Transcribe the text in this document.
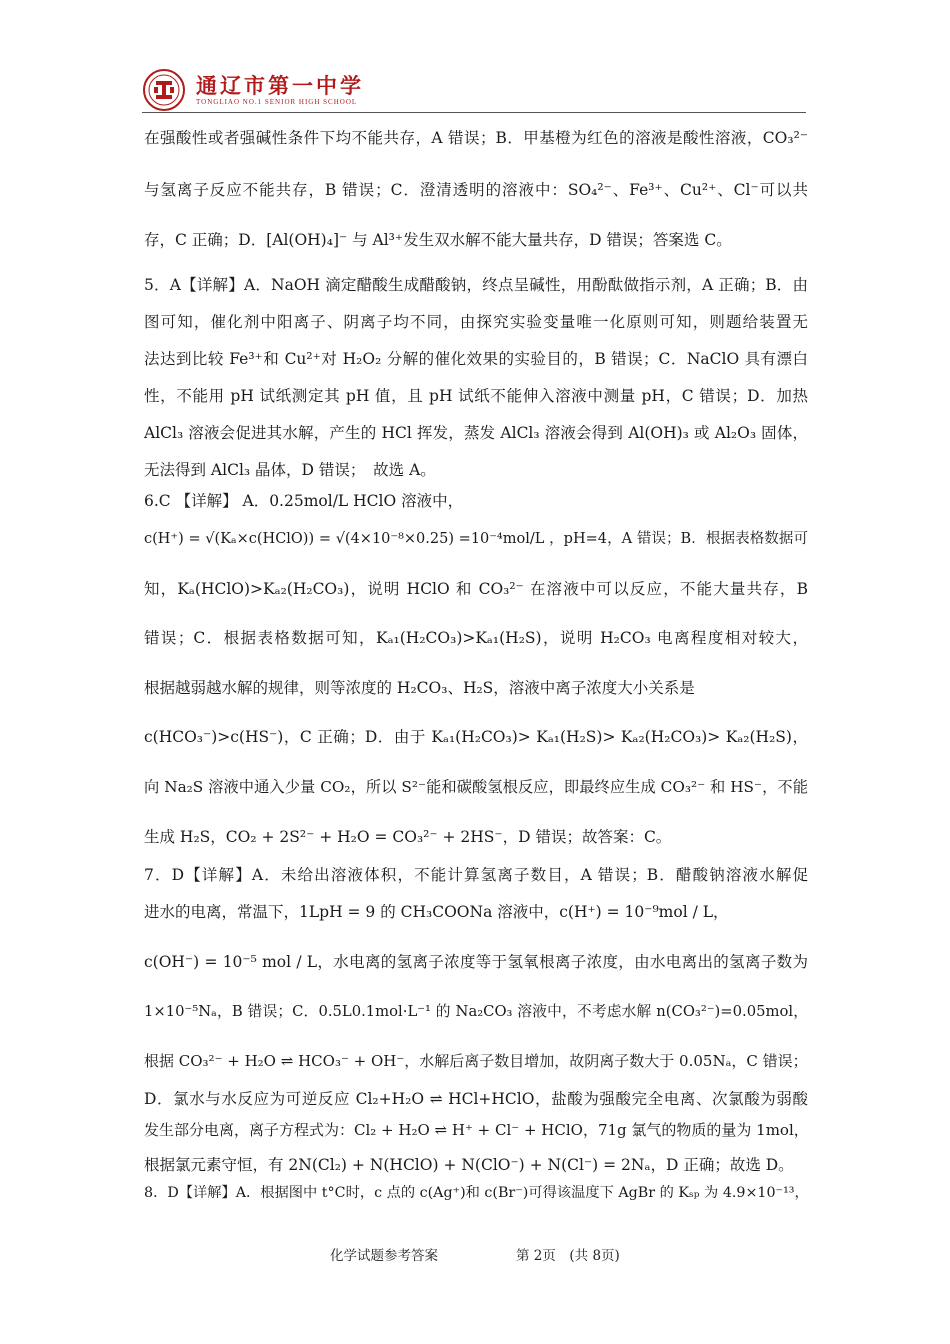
通辽市第一中学
TONGLIAO NO.1 SENIOR HIGH SCHOOL
在强酸性或者强碱性条件下均不能共存，A 错误；B．甲基橙为红色的溶液是酸性溶液，CO₃²⁻
与氢离子反应不能共存，B 错误；C．澄清透明的溶液中：SO₄²⁻、Fe³⁺、Cu²⁺、Cl⁻可以共
存，C 正确；D．[Al(OH)₄]⁻ 与 Al³⁺发生双水解不能大量共存，D 错误；答案选 C。
5．A【详解】A．NaOH 滴定醋酸生成醋酸钠，终点呈碱性，用酚酞做指示剂，A 正确；B．由
图可知，催化剂中阳离子、阴离子均不同，由探究实验变量唯一化原则可知，则题给装置无
法达到比较 Fe³⁺和 Cu²⁺对 H₂O₂ 分解的催化效果的实验目的，B 错误；C．NaClO 具有漂白
性，不能用 pH 试纸测定其 pH 值，且 pH 试纸不能伸入溶液中测量 pH，C 错误；D．加热
AlCl₃ 溶液会促进其水解，产生的 HCl 挥发，蒸发 AlCl₃ 溶液会得到 Al(OH)₃ 或 Al₂O₃ 固体，
无法得到 AlCl₃ 晶体，D 错误；　故选 A。
6.C 【详解】 A．0.25mol/L HClO 溶液中，
c(H⁺) = √(Kₐ×c(HClO)) = √(4×10⁻⁸×0.25) =10⁻⁴mol/L ，pH=4，A 错误；B．根据表格数据可
知，Kₐ(HClO)>Kₐ₂(H₂CO₃)，说明 HClO 和 CO₃²⁻ 在溶液中可以反应，不能大量共存，B
错误；C．根据表格数据可知，Kₐ₁(H₂CO₃)>Kₐ₁(H₂S)，说明 H₂CO₃ 电离程度相对较大，
根据越弱越水解的规律，则等浓度的 H₂CO₃、H₂S，溶液中离子浓度大小关系是
c(HCO₃⁻)>c(HS⁻)，C 正确；D．由于 Kₐ₁(H₂CO₃)> Kₐ₁(H₂S)> Kₐ₂(H₂CO₃)> Kₐ₂(H₂S)，
向 Na₂S 溶液中通入少量 CO₂，所以 S²⁻能和碳酸氢根反应，即最终应生成 CO₃²⁻ 和 HS⁻，不能
生成 H₂S，CO₂ + 2S²⁻ + H₂O = CO₃²⁻ + 2HS⁻，D 错误；故答案：C。
7．D【详解】A．未给出溶液体积，不能计算氢离子数目，A 错误；B．醋酸钠溶液水解促
进水的电离，常温下，1LpH = 9 的 CH₃COONa 溶液中，c(H⁺) = 10⁻⁹mol / L，
c(OH⁻) = 10⁻⁵ mol / L，水电离的氢离子浓度等于氢氧根离子浓度，由水电离出的氢离子数为
1×10⁻⁵Nₐ，B 错误；C．0.5L0.1mol·L⁻¹ 的 Na₂CO₃ 溶液中，不考虑水解 n(CO₃²⁻)=0.05mol，
根据 CO₃²⁻ + H₂O ⇌ HCO₃⁻ + OH⁻，水解后离子数目增加，故阴离子数大于 0.05Nₐ，C 错误；
D．氯水与水反应为可逆反应 Cl₂+H₂O ⇌ HCl+HClO，盐酸为强酸完全电离、次氯酸为弱酸
发生部分电离，离子方程式为：Cl₂ + H₂O ⇌ H⁺ + Cl⁻ + HClO，71g 氯气的物质的量为 1mol，
根据氯元素守恒，有 2N(Cl₂) + N(HClO) + N(ClO⁻) + N(Cl⁻) = 2Nₐ，D 正确；故选 D。
8．D【详解】A．根据图中 t°C时，c 点的 c(Ag⁺)和 c(Br⁻)可得该温度下 AgBr 的 Kₛₚ 为 4.9×10⁻¹³，
化学试题参考答案	第 2页　(共 8页)
